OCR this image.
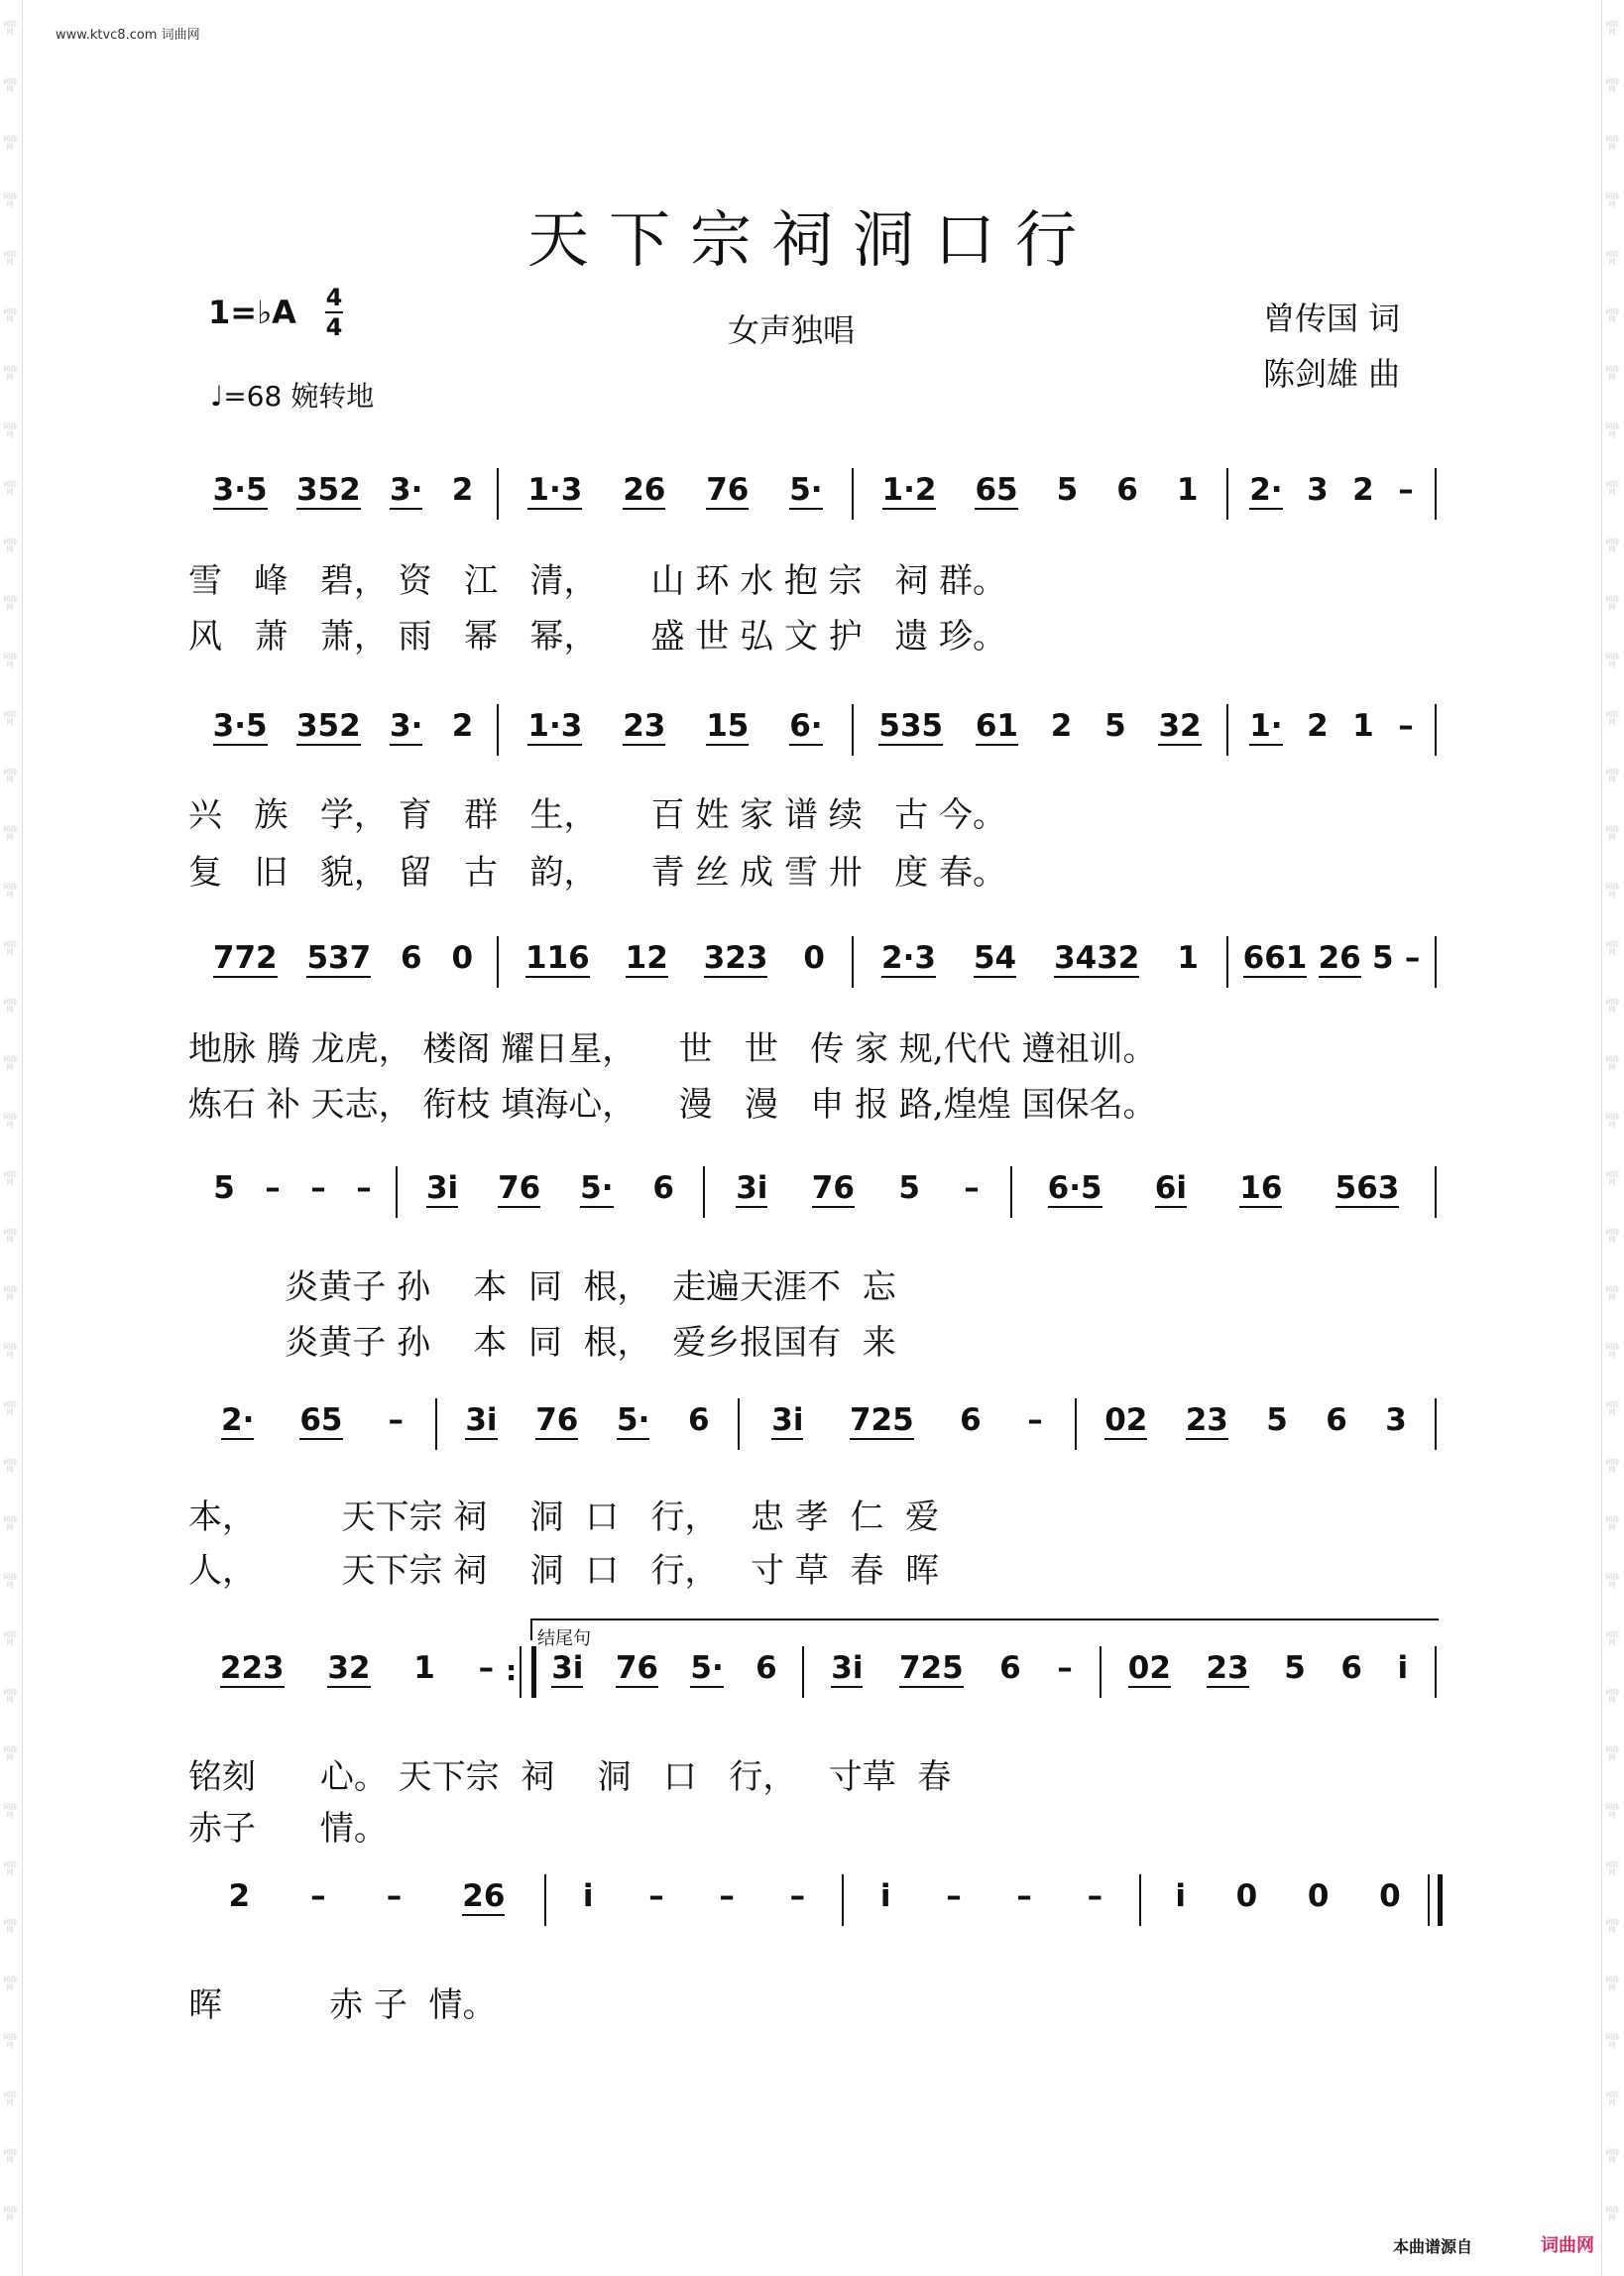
词曲网
词曲网
词曲网
词曲网
词曲网
词曲网
词曲网
词曲网
词曲网
词曲网
词曲网
词曲网
词曲网
词曲网
词曲网
词曲网
词曲网
词曲网
词曲网
词曲网
词曲网
词曲网
词曲网
词曲网
词曲网
词曲网
词曲网
词曲网
词曲网
词曲网
词曲网
词曲网
词曲网
词曲网
词曲网
词曲网
词曲网
词曲网
词曲网
词曲网
词曲网
词曲网
词曲网
词曲网
词曲网
词曲网
词曲网
词曲网
词曲网
词曲网
词曲网
词曲网
词曲网
词曲网
词曲网
词曲网
词曲网
词曲网
词曲网
词曲网
词曲网
词曲网
词曲网
词曲网
词曲网
词曲网
词曲网
词曲网
词曲网
词曲网
词曲网
词曲网
词曲网
词曲网
词曲网
词曲网
词曲网
词曲网
www.ktvc8.com 词曲网
天下宗祠洞口行
1=♭A 4
4
♩=68 婉转地
女声独唱	曾传国 词
陈剑雄 曲
结尾句
3·5 352 3· 2 1·3 26 76 5· 1·2 65 5 6 1 2· 3 2 –
雪   峰   碧， 资   江   清，     山 环 水 抱 宗   祠 群。
风   萧   萧， 雨   幂   幂，     盛 世 弘 文 护   遗 珍。
3·5 352 3· 2 1·3 23 15 6· 535 61 2 5 32 1· 2 1 –
兴   族   学， 育   群   生，     百 姓 家 谱 续   古 今。
复   旧   貌， 留   古   韵，     青 丝 成 雪 卅   度 春。
772 537 6 0 116 12 323 0 2·3 54 3432 1 661 26 5 –
地脉 腾 龙虎， 楼阁 耀日星，    世   世   传 家 规,代代 遵祖训。
炼石 补 天志， 衔枝 填海心，    漫   漫   申 报 路,煌煌 国保名。
5 – – – 3i 76 5· 6 3i 76 5 – 6·5 6i 16 563
炎黄子 孙    本  同  根，  走遍天涯不  忘
炎黄子 孙    本  同  根，  爱乡报国有  来
2· 65 – 3i 76 5· 6 3i 725 6 – 02 23 5 6 3
本，        天下宗 祠    洞  口   行，   忠 孝  仁  爱
人，        天下宗 祠    洞  口   行，   寸 草  春  晖
223 32 1 –
: 3i 76 5· 6 3i 725 6 – 02 23 5 6 i
铭刻      心。 天下宗  祠    洞   口   行，   寸草  春
赤子      情。
2 – – 26	i – – – i – – – i 0 0 0
晖          赤 子  情。
本曲谱源自	词曲网
